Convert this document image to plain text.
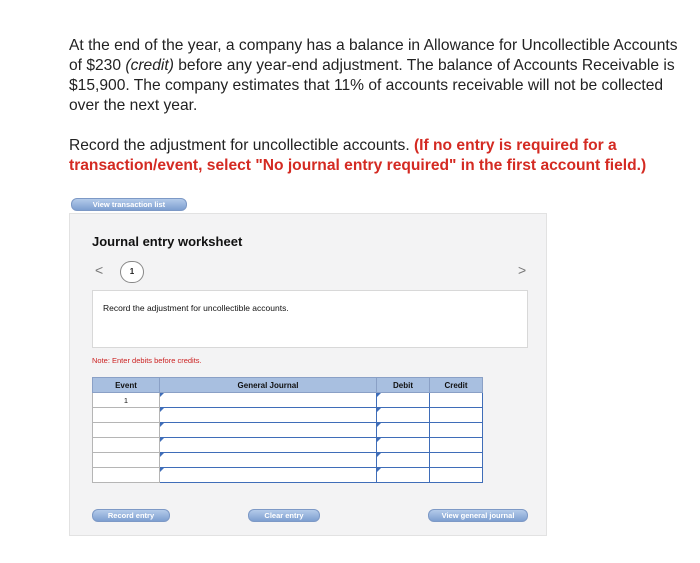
At the end of the year, a company has a balance in Allowance for Uncollectible Accounts of $230 (credit) before any year-end adjustment. The balance of Accounts Receivable is $15,900. The company estimates that 11% of accounts receivable will not be collected over the next year.

Record the adjustment for uncollectible accounts. (If no entry is required for a transaction/event, select "No journal entry required" in the first account field.)

View transaction list
Journal entry worksheet
<	1	>
Record the adjustment for uncollectible accounts.
Note: Enter debits before credits.
Event	General Journal	Debit	Credit
1			

Record entry	Clear entry	View general journal
